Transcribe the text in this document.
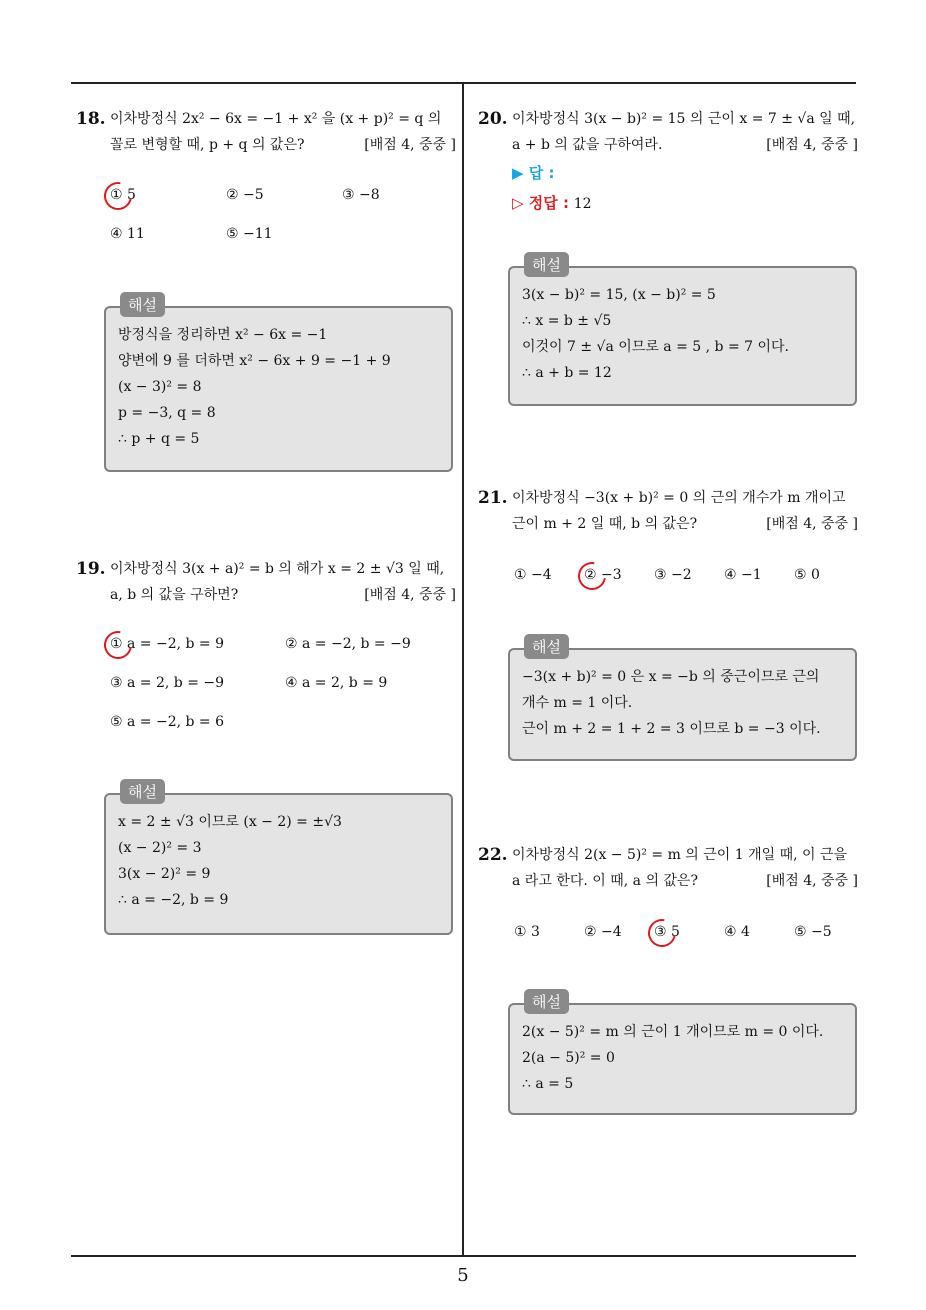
18. 이차방정식 2x² − 6x = −1 + x² 을 (x + p)² = q 의
꼴로 변형할 때, p + q 의 값은?	[배점 4, 중중 ]
① 5	② −5	③ −8
④ 11	⑤ −11
해설
방정식을 정리하면 x² − 6x = −1
양변에 9 를 더하면 x² − 6x + 9 = −1 + 9
(x − 3)² = 8
p = −3, q = 8
∴ p + q = 5
19. 이차방정식 3(x + a)² = b 의 해가 x = 2 ± √3 일 때,
a, b 의 값을 구하면?	[배점 4, 중중 ]
① a = −2, b = 9	② a = −2, b = −9
③ a = 2, b = −9	④ a = 2, b = 9
⑤ a = −2, b = 6
해설
x = 2 ± √3 이므로 (x − 2) = ±√3
(x − 2)² = 3
3(x − 2)² = 9
∴ a = −2, b = 9
20. 이차방정식 3(x − b)² = 15 의 근이 x = 7 ± √a 일 때,
a + b 의 값을 구하여라.	[배점 4, 중중 ]
▶ 답 :
▷ 정답 : 12
해설
3(x − b)² = 15, (x − b)² = 5
∴ x = b ± √5
이것이 7 ± √a 이므로 a = 5 , b = 7 이다.
∴ a + b = 12
21. 이차방정식 −3(x + b)² = 0 의 근의 개수가 m 개이고
근이 m + 2 일 때, b 의 값은?	[배점 4, 중중 ]
① −4 ② −3 ③ −2 ④ −1 ⑤ 0
해설
−3(x + b)² = 0 은 x = −b 의 중근이므로 근의
개수 m = 1 이다.
근이 m + 2 = 1 + 2 = 3 이므로 b = −3 이다.
22. 이차방정식 2(x − 5)² = m 의 근이 1 개일 때, 이 근을
a 라고 한다. 이 때, a 의 값은?	[배점 4, 중중 ]
① 3	② −4 ③ 5	④ 4	⑤ −5
해설
2(x − 5)² = m 의 근이 1 개이므로 m = 0 이다.
2(a − 5)² = 0
∴ a = 5
5
